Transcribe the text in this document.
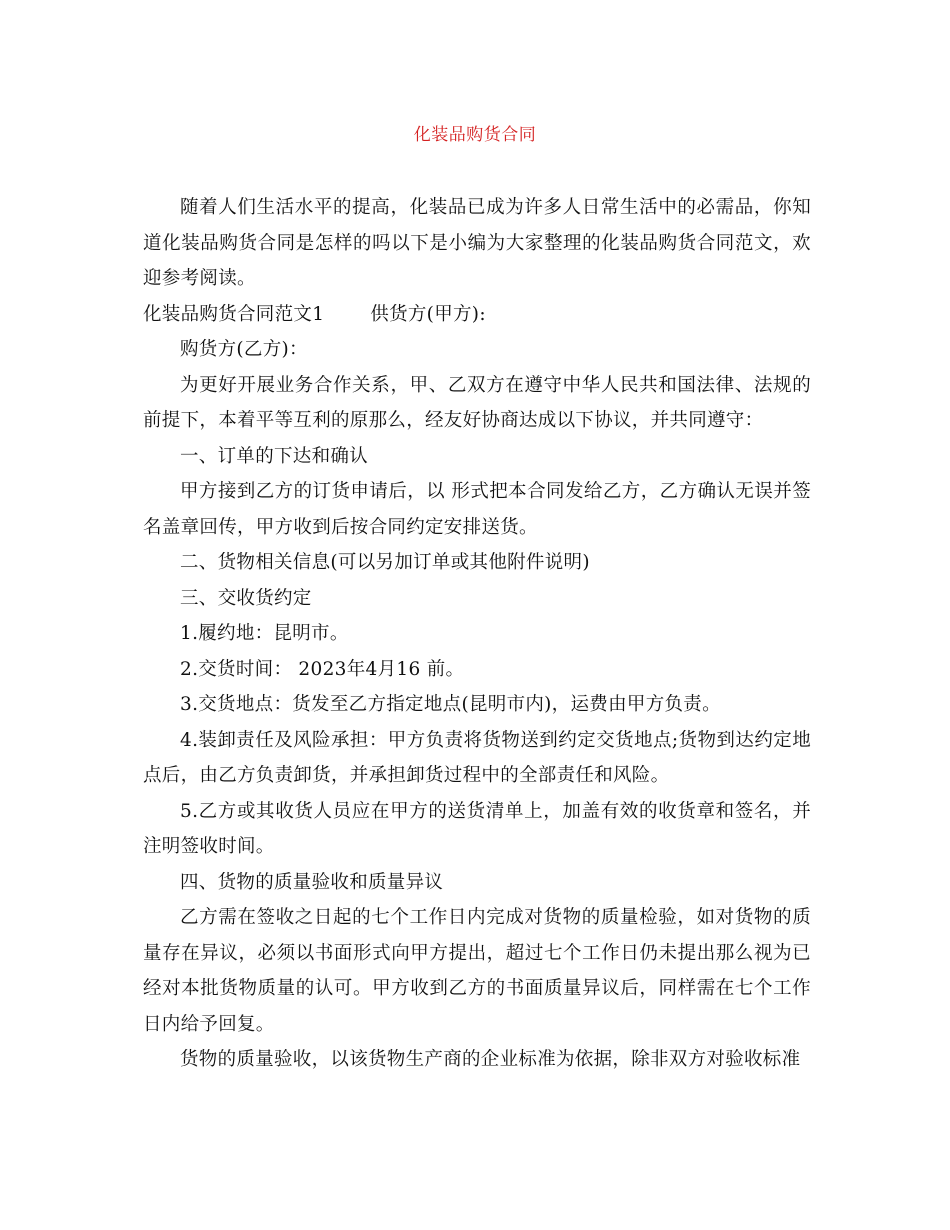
化装品购货合同

随着人们生活水平的提高，化装品已成为许多人日常生活中的必需品，你知道化装品购货合同是怎样的吗以下是小编为大家整理的化装品购货合同范文，欢迎参考阅读。

化装品购货合同范文1 供货方(甲方):

购货方(乙方)：

为更好开展业务合作关系，甲、乙双方在遵守中华人民共和国法律、法规的前提下，本着平等互利的原那么，经友好协商达成以下协议，并共同遵守：

一、订单的下达和确认

甲方接到乙方的订货申请后，以 形式把本合同发给乙方，乙方确认无误并签名盖章回传，甲方收到后按合同约定安排送货。

二、货物相关信息(可以另加订单或其他附件说明)

三、交收货约定

1.履约地：昆明市。

2.交货时间： 2023年4月16 前。

3.交货地点：货发至乙方指定地点(昆明市内)，运费由甲方负责。

4.装卸责任及风险承担：甲方负责将货物送到约定交货地点;货物到达约定地点后，由乙方负责卸货，并承担卸货过程中的全部责任和风险。

5.乙方或其收货人员应在甲方的送货清单上，加盖有效的收货章和签名，并注明签收时间。

四、货物的质量验收和质量异议

乙方需在签收之日起的七个工作日内完成对货物的质量检验，如对货物的质量存在异议，必须以书面形式向甲方提出，超过七个工作日仍未提出那么视为已经对本批货物质量的认可。甲方收到乙方的书面质量异议后，同样需在七个工作日内给予回复。

货物的质量验收，以该货物生产商的企业标准为依据，除非双方对验收标准
